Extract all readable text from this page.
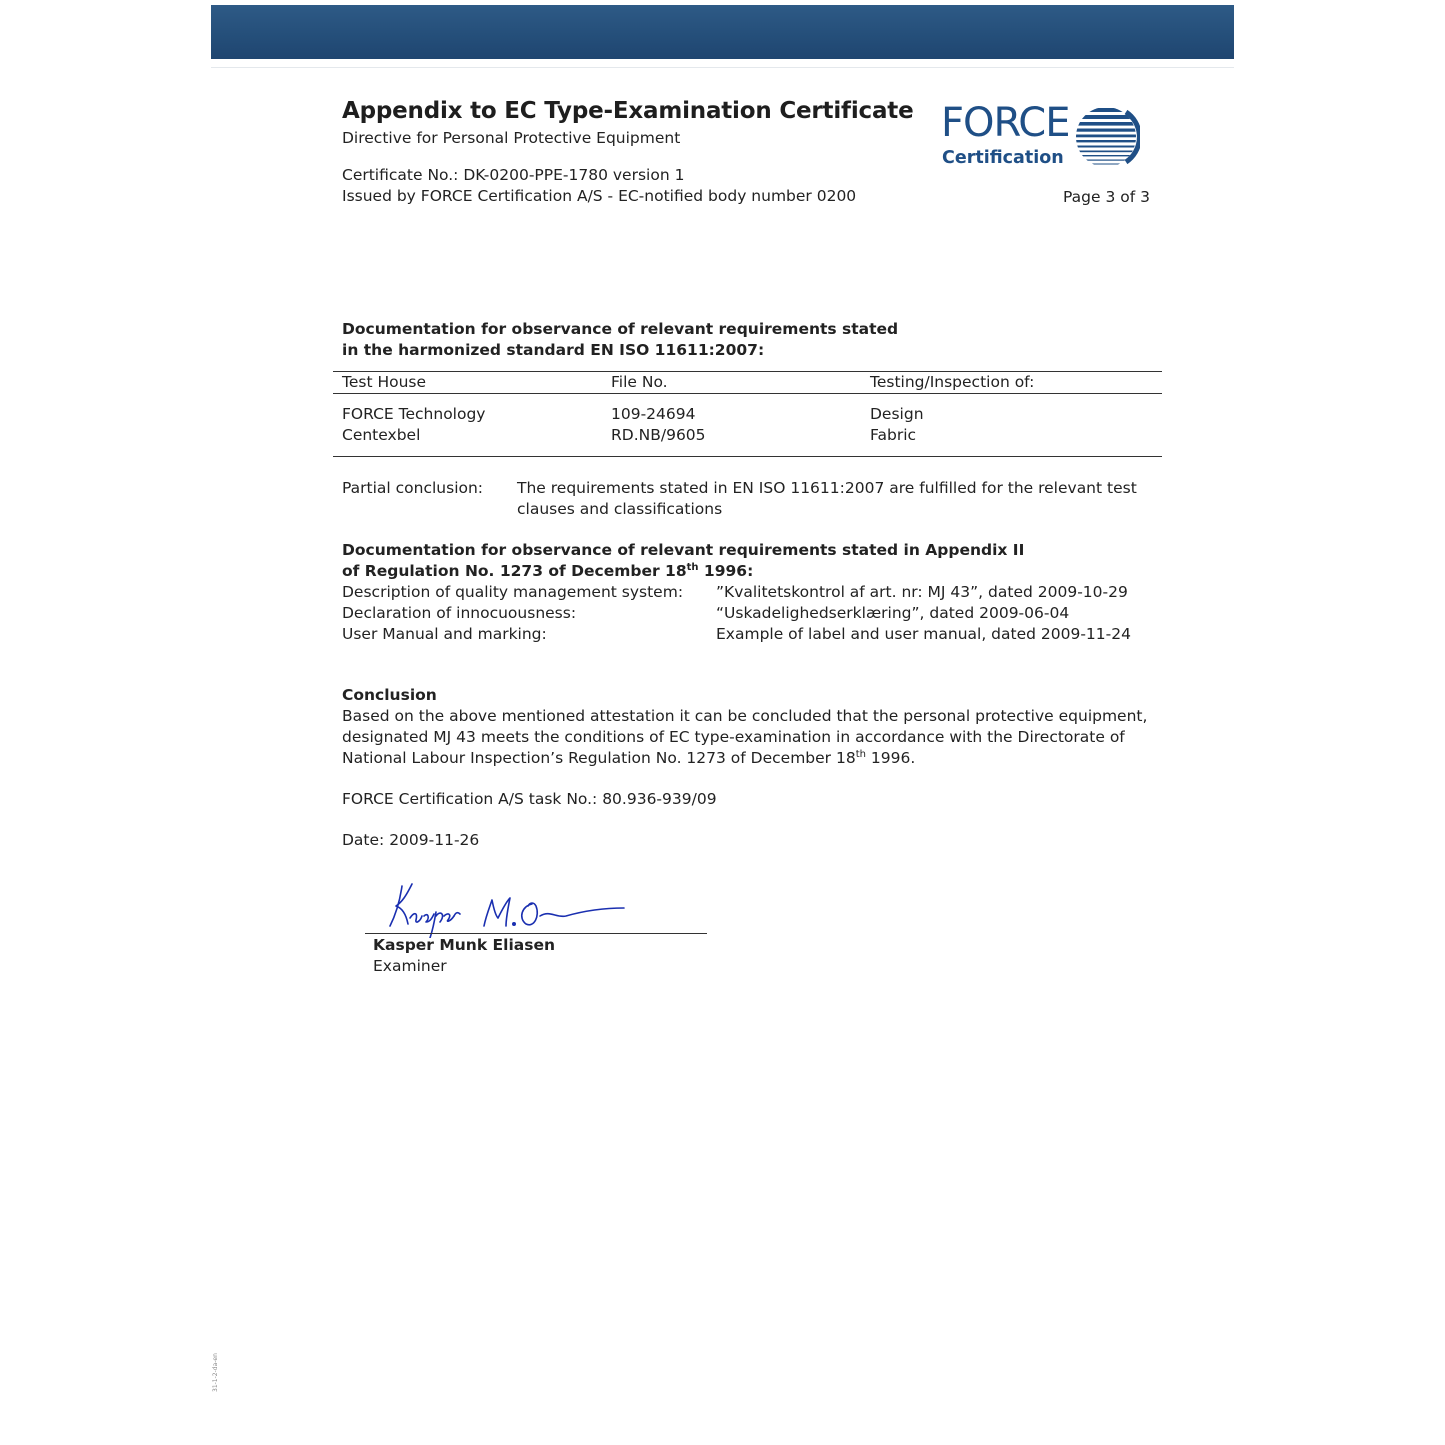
Appendix to EC Type-Examination Certificate
Directive for Personal Protective Equipment
Certificate No.: DK-0200-PPE-1780 version 1
Issued by FORCE Certification A/S - EC-notified body number 0200	Page 3 of 3
FORCE
Certification
Documentation for observance of relevant requirements stated
in the harmonized standard EN ISO 11611:2007:
Test House	File No.	Testing/Inspection of:
FORCE Technology	109-24694	Design
Centexbel	RD.NB/9605	Fabric
Partial conclusion: The requirements stated in EN ISO 11611:2007 are fulfilled for the relevant test
clauses and classifications
Documentation for observance of relevant requirements stated in Appendix II
of Regulation No. 1273 of December 18th 1996:
Description of quality management system: ”Kvalitetskontrol af art. nr: MJ 43”, dated 2009-10-29
Declaration of innocuousness:	“Uskadelighedserklæring”, dated 2009-06-04
User Manual and marking:	Example of label and user manual, dated 2009-11-24
Conclusion
Based on the above mentioned attestation it can be concluded that the personal protective equipment,
designated MJ 43 meets the conditions of EC type-examination in accordance with the Directorate of
National Labour Inspection’s Regulation No. 1273 of December 18th 1996.
FORCE Certification A/S task No.: 80.936-939/09
Date: 2009-11-26
Kasper Munk Eliasen
Examiner
31-1-2-da-en
